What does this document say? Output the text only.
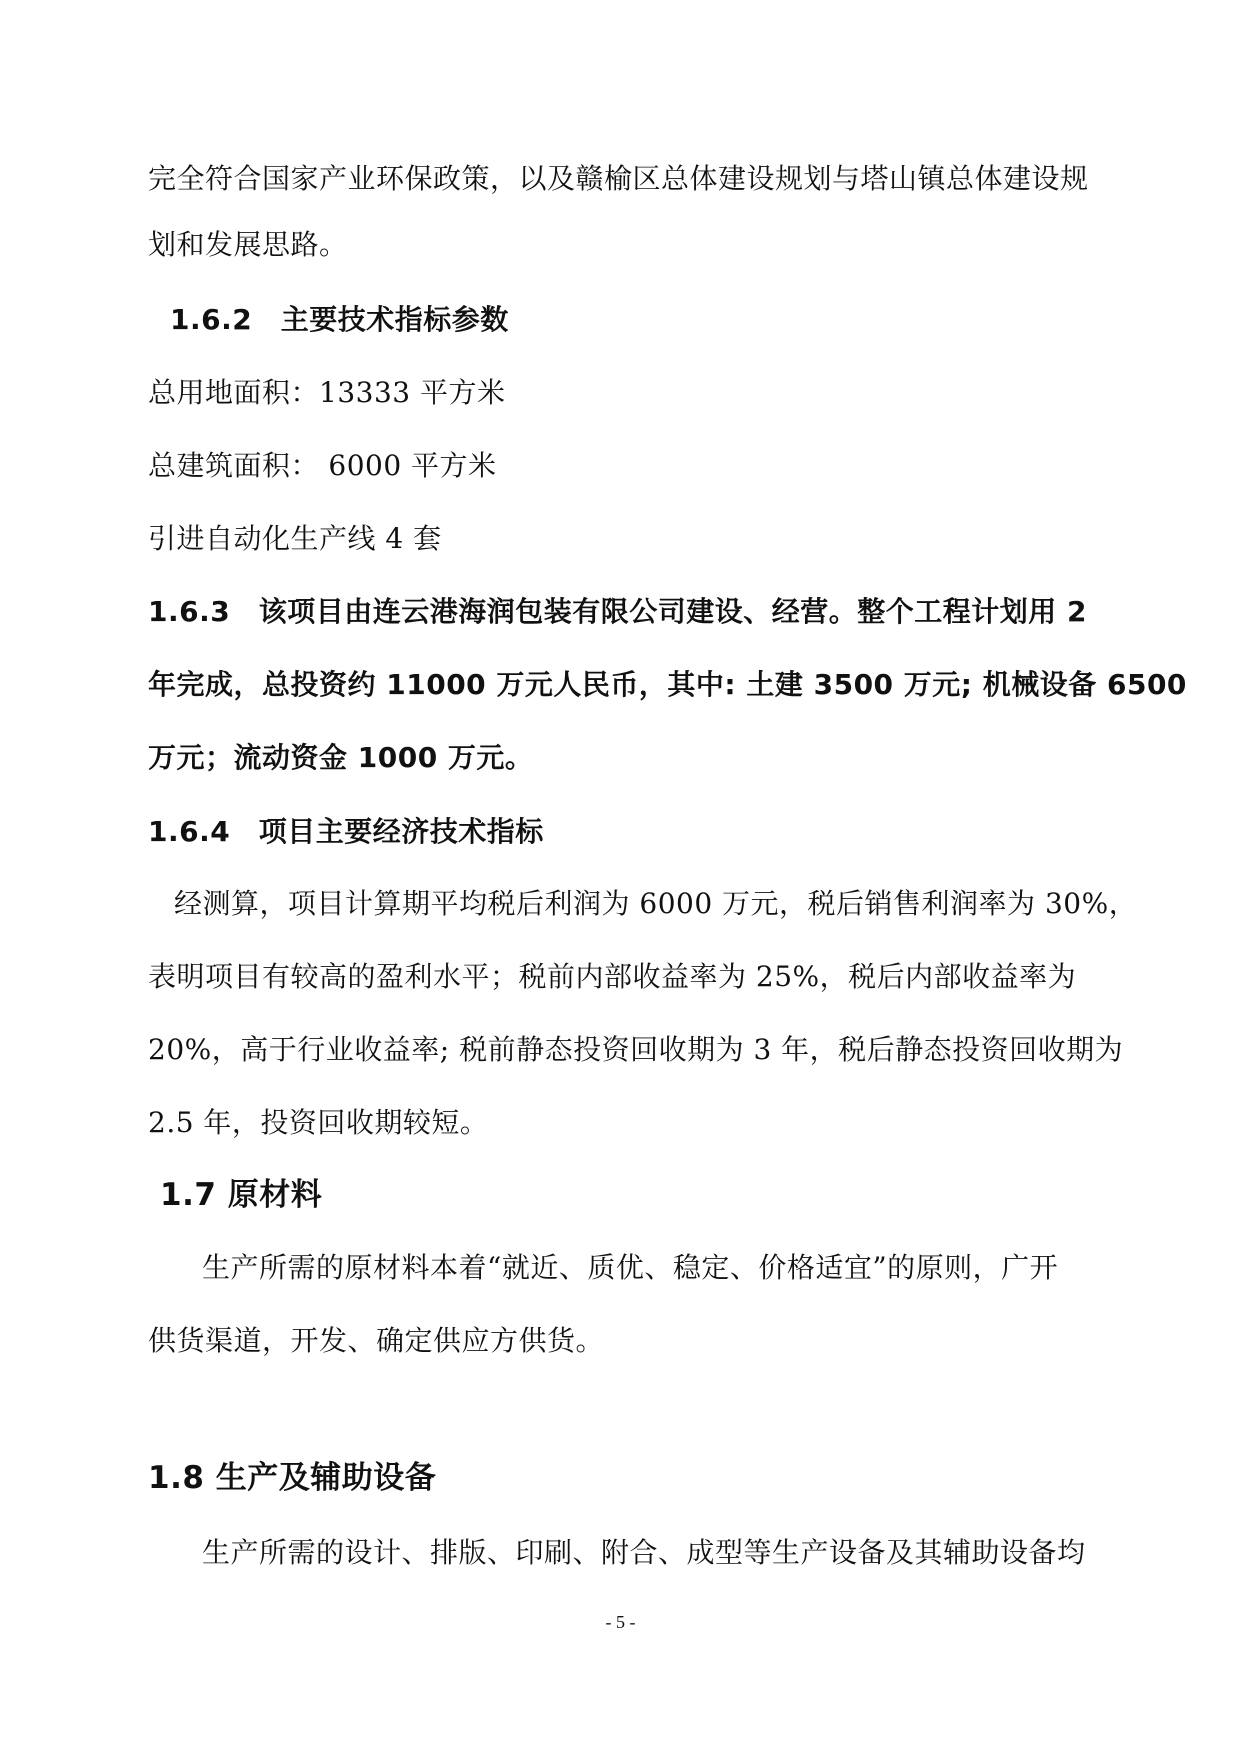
完全符合国家产业环保政策，以及赣榆区总体建设规划与塔山镇总体建设规
划和发展思路。
1.6.2　主要技术指标参数
总用地面积：13333 平方米
总建筑面积： 6000 平方米
引进自动化生产线 4 套
1.6.3　该项目由连云港海润包装有限公司建设、经营。整个工程计划用 2
年完成，总投资约 11000 万元人民币，其中: 土建 3500 万元; 机械设备 6500
万元；流动资金 1000 万元。
1.6.4　项目主要经济技术指标
经测算，项目计算期平均税后利润为 6000 万元，税后销售利润率为 30%，
表明项目有较高的盈利水平；税前内部收益率为 25%，税后内部收益率为
20%，高于行业收益率; 税前静态投资回收期为 3 年，税后静态投资回收期为
2.5 年，投资回收期较短。
1.7 原材料
生产所需的原材料本着“就近、质优、稳定、价格适宜”的原则，广开
供货渠道，开发、确定供应方供货。
1.8 生产及辅助设备
生产所需的设计、排版、印刷、附合、成型等生产设备及其辅助设备均
- 5 -
